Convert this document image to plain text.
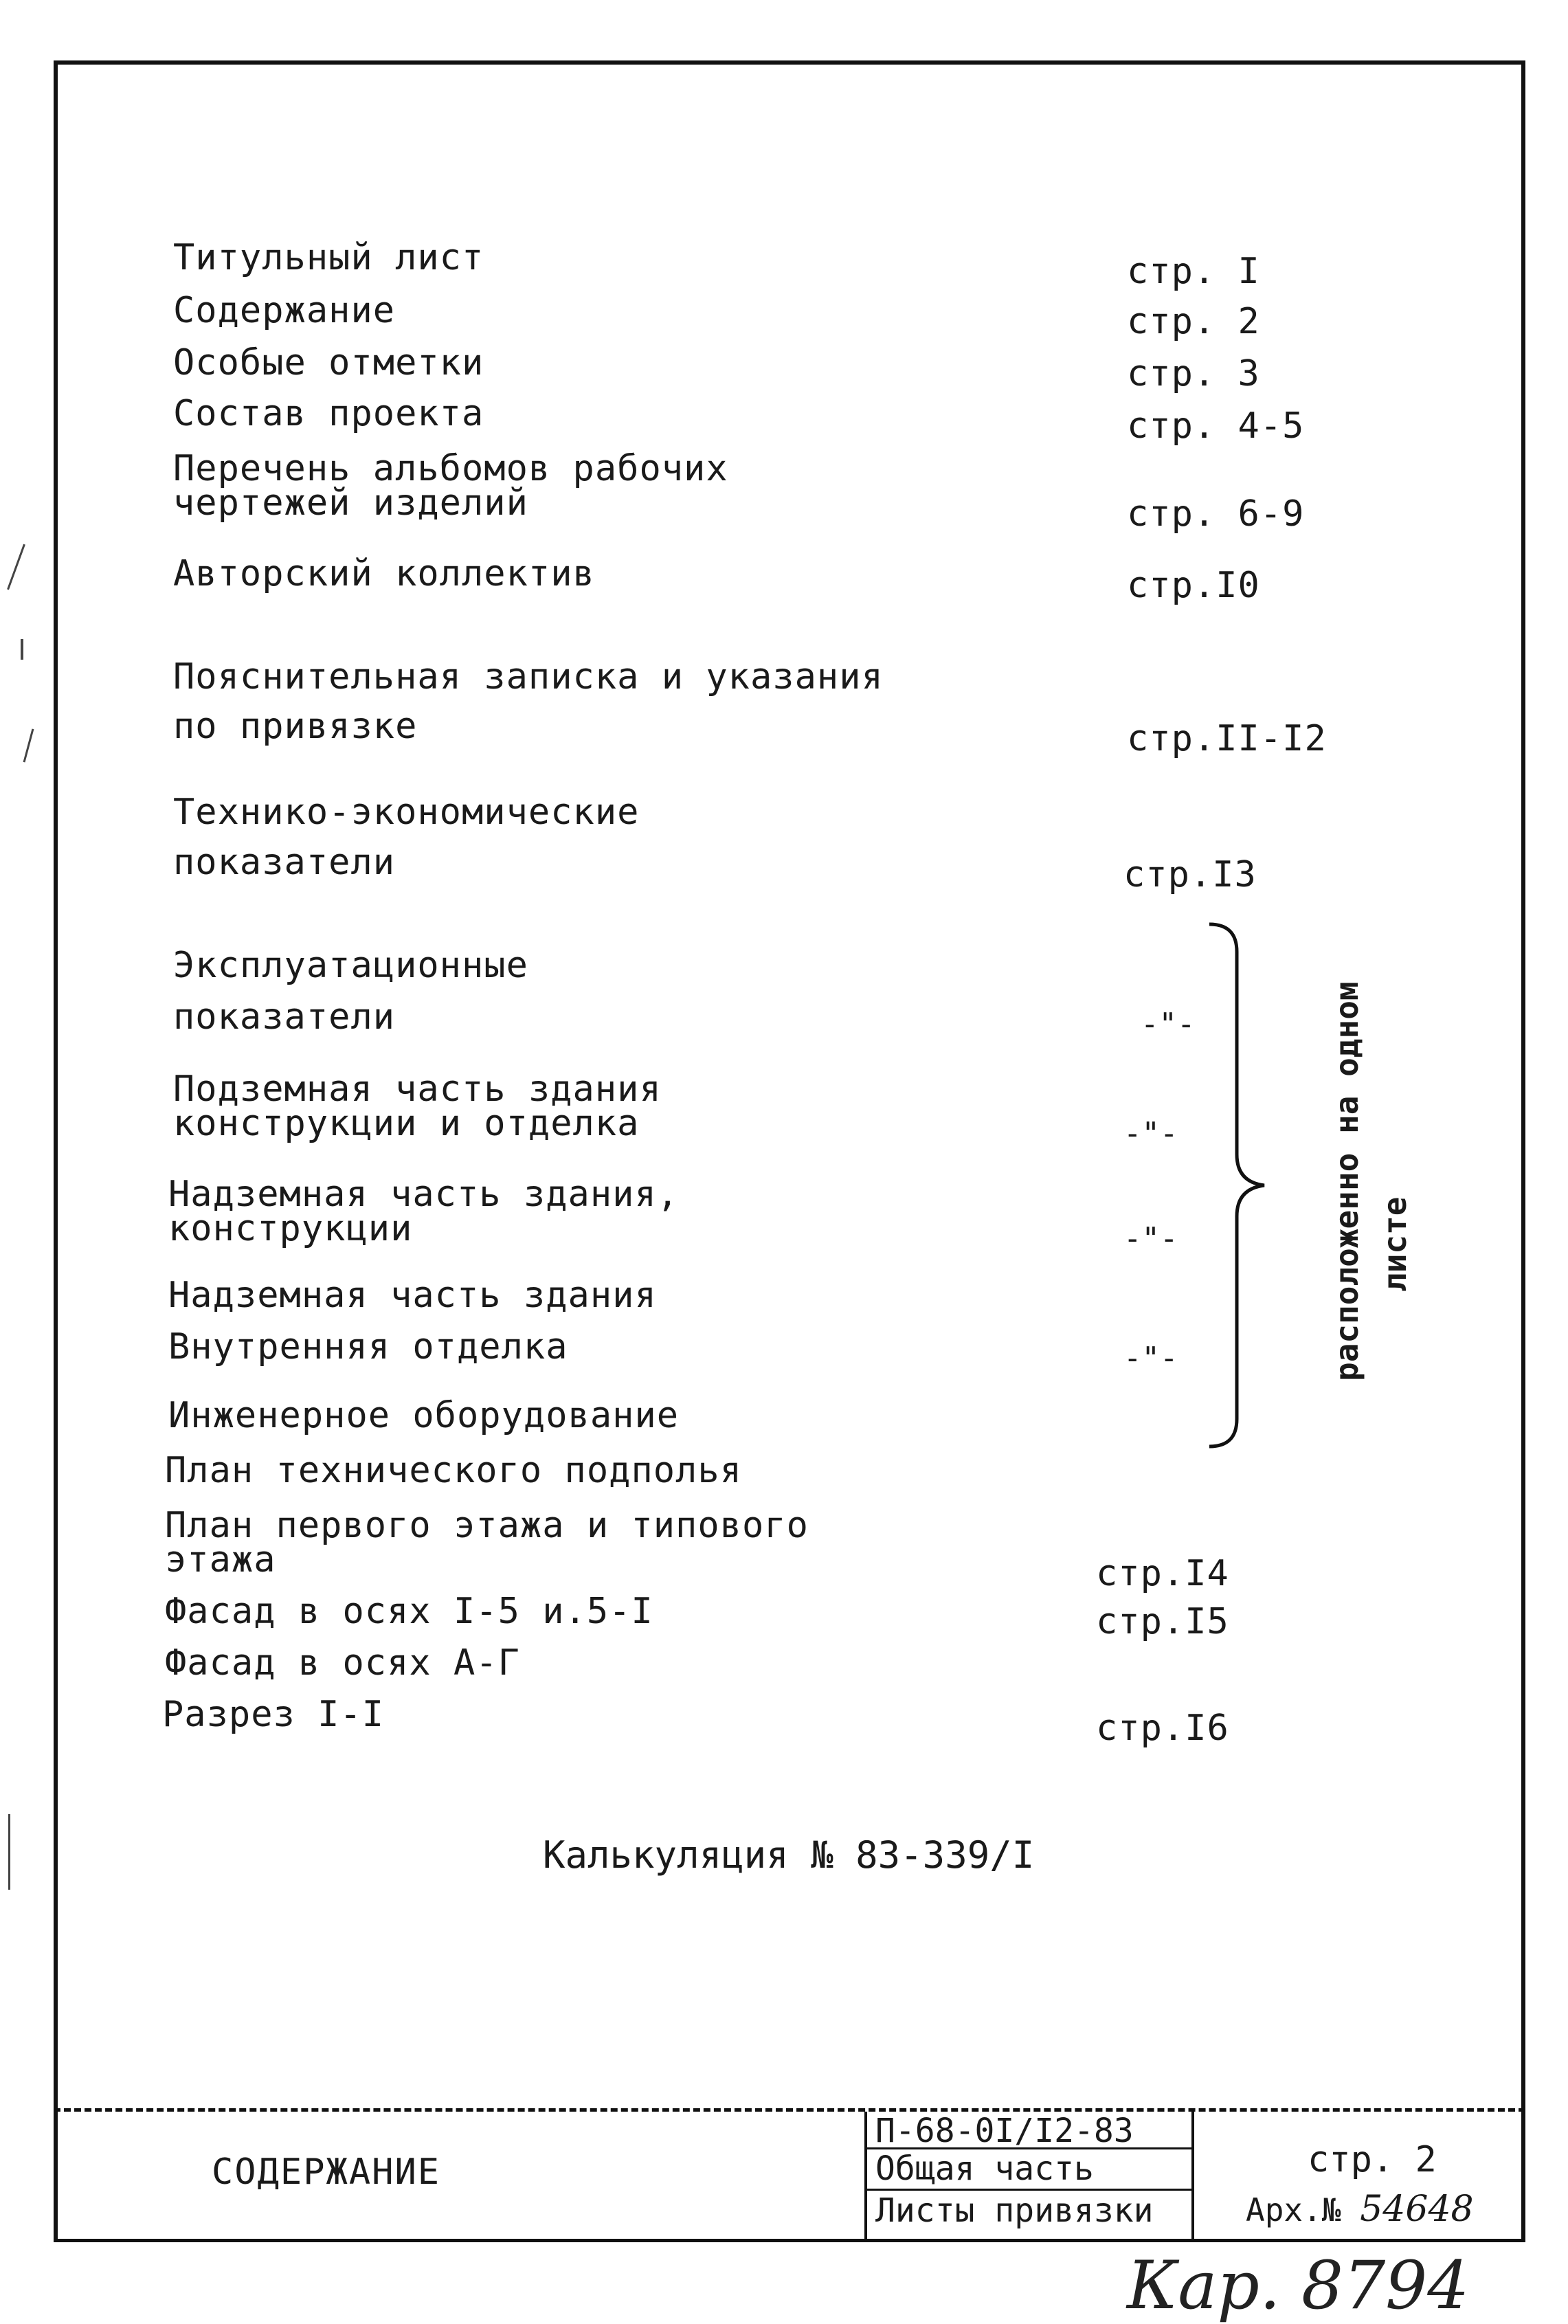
Титульный лист	стр. I
Содержание	стр. 2
Особые отметки	стр. 3
Состав проекта	стр. 4-5
Перечень альбомов рабочих
чертежей изделий	стр. 6-9
Авторский коллектив	стр.I0
Пояснительная записка и указания
по привязке	стр.II-I2
Технико-экономические
показатели	стр.I3
Эксплуатационные
показатели	-"-
Подземная часть здания
конструкции и отделка	-"-
Надземная часть здания,
конструкции	-"-
Надземная часть здания
Внутренняя отделка	-"-
Инженерное оборудование
План технического подполья
План первого этажа и типового
этажа	стр.I4
Фасад в осях I-5 и.5-I	стр.I5
Фасад в осях А-Г
Разрез I-I	стр.I6
расположенно на одном листе
Калькуляция № 83-339/I
СОДЕРЖАНИЕ
П-68-0I/I2-83
Общая часть
Листы привязки
стр. 2
Арх.№ 54648
Кар. 8794
